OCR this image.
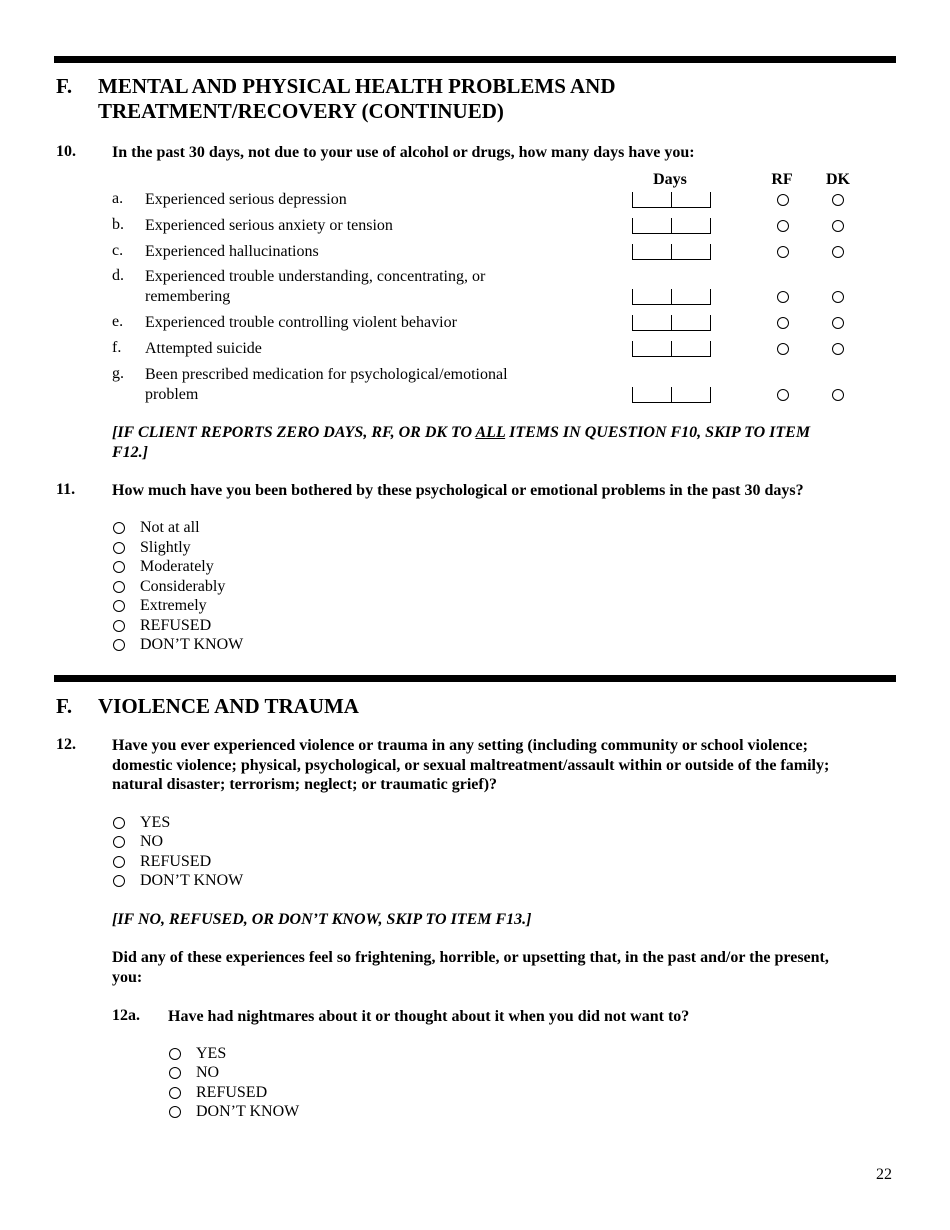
F. MENTAL AND PHYSICAL HEALTH PROBLEMS AND
TREATMENT/RECOVERY (CONTINUED)
10. In the past 30 days, not due to your use of alcohol or drugs, how many days have you:
Days	RF	DK
a. Experienced serious depression
b. Experienced serious anxiety or tension
c. Experienced hallucinations
d. Experienced trouble understanding, concentrating, or remembering
e. Experienced trouble controlling violent behavior
f. Attempted suicide
g. Been prescribed medication for psychological/emotional problem
[IF CLIENT REPORTS ZERO DAYS, RF, OR DK TO ALL ITEMS IN QUESTION F10, SKIP TO ITEM
F12.]
11. How much have you been bothered by these psychological or emotional problems in the past 30 days?
Not at all
Slightly
Moderately
Considerably
Extremely
REFUSED
DON’T KNOW
F. VIOLENCE AND TRAUMA
12. Have you ever experienced violence or trauma in any setting (including community or school violence;
domestic violence; physical, psychological, or sexual maltreatment/assault within or outside of the family;
natural disaster; terrorism; neglect; or traumatic grief)?
YES
NO
REFUSED
DON’T KNOW
[IF NO, REFUSED, OR DON’T KNOW, SKIP TO ITEM F13.]
Did any of these experiences feel so frightening, horrible, or upsetting that, in the past and/or the present,
you:
12a. Have had nightmares about it or thought about it when you did not want to?
YES
NO
REFUSED
DON’T KNOW
22
